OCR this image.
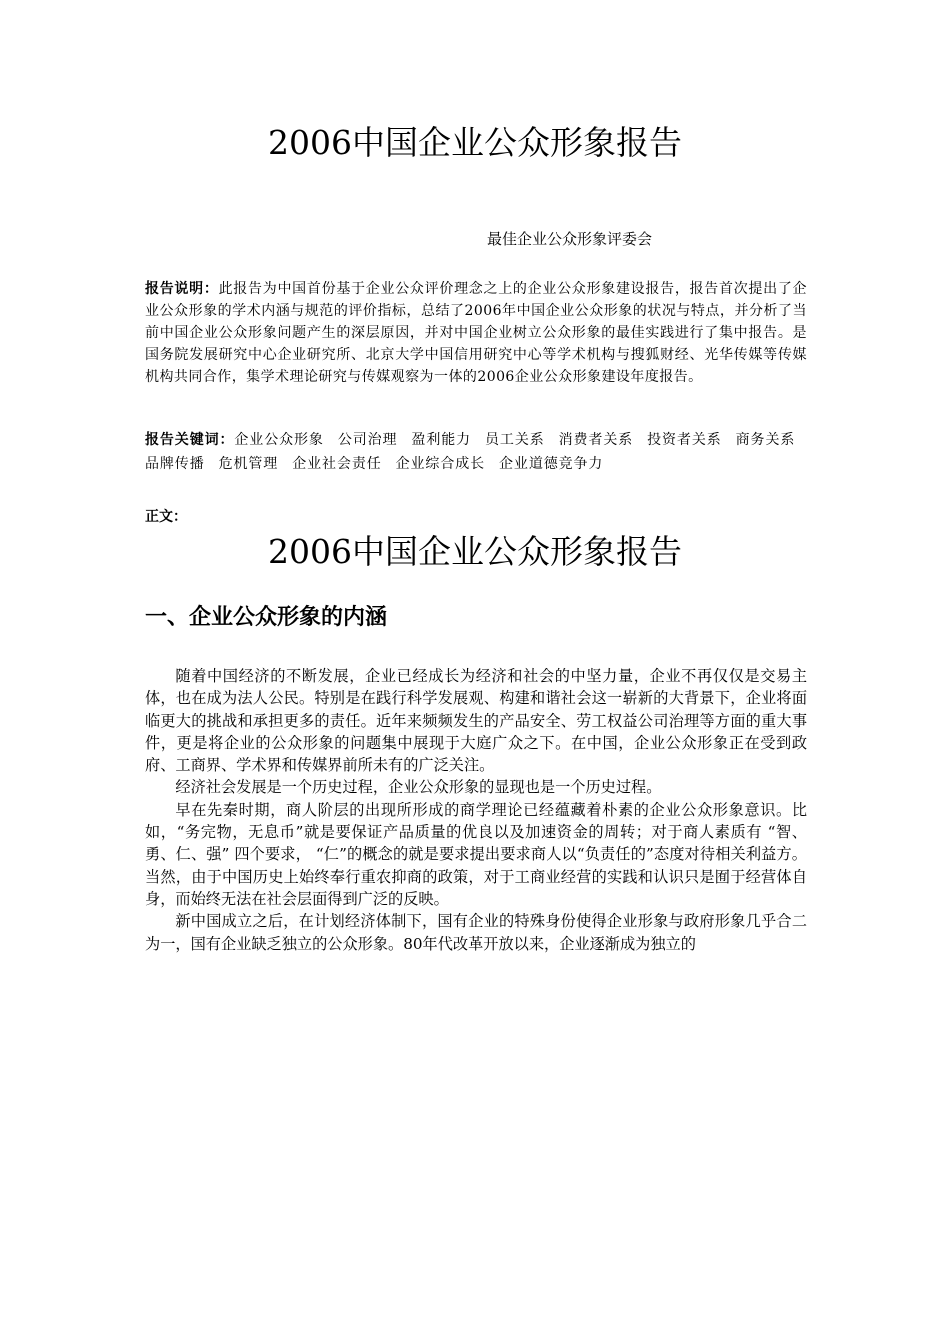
2006中国企业公众形象报告
最佳企业公众形象评委会
报告说明：此报告为中国首份基于企业公众评价理念之上的企业公众形象建设报告，报告首次提出了企业公众形象的学术内涵与规范的评价指标，总结了2006年中国企业公众形象的状况与特点，并分析了当前中国企业公众形象问题产生的深层原因，并对中国企业树立公众形象的最佳实践进行了集中报告。是国务院发展研究中心企业研究所、北京大学中国信用研究中心等学术机构与搜狐财经、光华传媒等传媒机构共同合作，集学术理论研究与传媒观察为一体的2006企业公众形象建设年度报告。
报告关键词：企业公众形象 公司治理 盈利能力 员工关系 消费者关系 投资者关系 商务关系品牌传播 危机管理 企业社会责任 企业综合成长 企业道德竞争力
正文：
2006中国企业公众形象报告
一、企业公众形象的内涵

随着中国经济的不断发展，企业已经成长为经济和社会的中坚力量，企业不再仅仅是交易主体，也在成为法人公民。特别是在践行科学发展观、构建和谐社会这一崭新的大背景下，企业将面临更大的挑战和承担更多的责任。近年来频频发生的产品安全、劳工权益公司治理等方面的重大事件，更是将企业的公众形象的问题集中展现于大庭广众之下。在中国，企业公众形象正在受到政府、工商界、学术界和传媒界前所未有的广泛关注。

经济社会发展是一个历史过程，企业公众形象的显现也是一个历史过程。

早在先秦时期，商人阶层的出现所形成的商学理论已经蕴藏着朴素的企业公众形象意识。比如，“务完物，无息币”就是要保证产品质量的优良以及加速资金的周转；对于商人素质有 “智、勇、仁、强” 四个要求， “仁”的概念的就是要求提出要求商人以“负责任的”态度对待相关利益方。当然，由于中国历史上始终奉行重农抑商的政策，对于工商业经营的实践和认识只是囿于经营体自身，而始终无法在社会层面得到广泛的反映。

新中国成立之后，在计划经济体制下，国有企业的特殊身份使得企业形象与政府形象几乎合二为一，国有企业缺乏独立的公众形象。80年代改革开放以来，企业逐渐成为独立的
